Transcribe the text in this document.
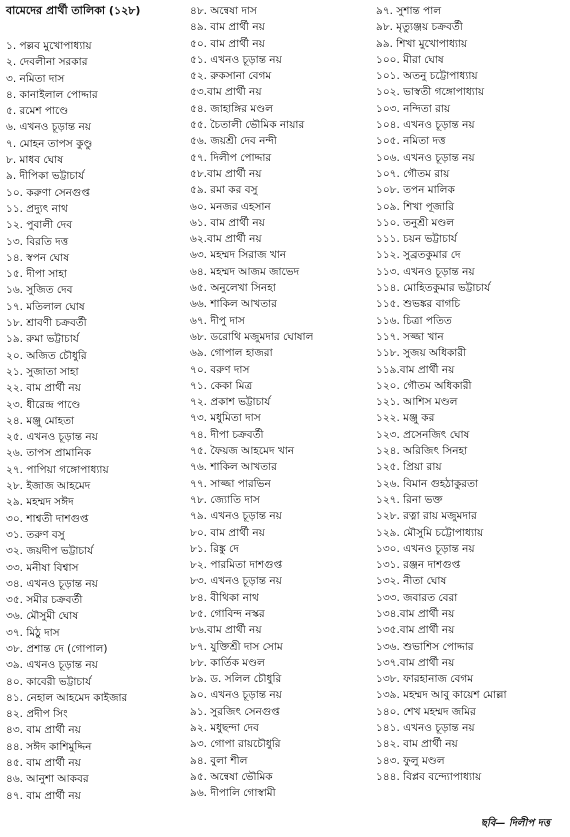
বামেদের প্রার্থী তালিকা (১২৮)
১. পল্লব মুখোপাধ্যায়
২. দেবলীনা সরকার
৩. নমিতা দাস
৪. কানাইলাল পোদ্দার
৫. রমেশ পাণ্ডে
৬. এখনও চূড়ান্ত নয়
৭. মোহন তাপস কুণ্ডু
৮. মাধব ঘোষ
৯. দীপিকা ভট্টাচার্য
১০. করুণা সেনগুপ্ত
১১. প্রদ্যুৎ নাথ
১২. পুবালী দেব
১৩. বিরতি দত্ত
১৪. স্বপন ঘোষ
১৫. দীপা সাহা
১৬. সুজিত দেব
১৭. মতিলাল ঘোষ
১৮. শ্রাবণী চক্রবর্তী
১৯. রুমা ভট্টাচার্য
২০. অজিত চৌধুরি
২১. সুজাতা সাহা
২২. বাম প্রার্থী নয়
২৩. ধীরেন্দ্র পাণ্ডে
২৪. মঞ্জু মোহতা
২৫. এখনও চূড়ান্ত নয়
২৬. তাপস প্রামানিক
২৭. পাপিয়া গঙ্গোপাধ্যায়
২৮. ইজাজ আহমেদ
২৯. মহম্মদ সঈদ
৩০. শাশ্বতী দাশগুপ্ত
৩১. তরুণ বসু
৩২. জয়দীপ ভট্টাচার্য
৩৩. মনীষা বিশ্বাস
৩৪. এখনও চূড়ান্ত নয়
৩৫. সমীর চক্রবর্তী
৩৬. মৌসুমী ঘোষ
৩৭. মিঠু দাস
৩৮. প্রশান্ত দে (গোপাল)
৩৯. এখনও চূড়ান্ত নয়
৪০. কাবেরী ভট্টাচার্য
৪১. নেহাল আহমেদ কাইজার
৪২. প্রদীপ সিং
৪৩. বাম প্রার্থী নয়
৪৪. সঈদ কাশিমুদ্দিন
৪৫. বাম প্রার্থী নয়
৪৬. আনুশা আকবর
৪৭. বাম প্রার্থী নয়
৪৮. অন্বেষা দাস
৪৯. বাম প্রার্থী নয়
৫০. বাম প্রার্থী নয়
৫১. এখনও চূড়ান্ত নয়
৫২. রুকসানা বেগম
৫৩.বাম প্রার্থী নয়
৫৪. জাহাঙ্গির মণ্ডল
৫৫. চৈতালী ভৌমিক নায়ার
৫৬. জয়শ্রী দেব নন্দী
৫৭. দিলীপ পোদ্দার
৫৮.বাম প্রার্থী নয়
৫৯. রমা কর বসু
৬০. মনজর এহসান
৬১. বাম প্রার্থী নয়
৬২.বাম প্রার্থী নয়
৬৩. মহম্মদ সিরাজ খান
৬৪. মহম্মদ আজম জাভেদ
৬৫. অনুলেখা সিনহা
৬৬. শাকিল আখতার
৬৭. দীপু দাস
৬৮. ডরোথি মজুমদার ঘোষাল
৬৯. গোপাল হাজরা
৭০. বরুণ দাস
৭১. কেকা মিত্র
৭২. প্রকাশ ভট্টাচার্য
৭৩. মধুমিতা দাস
৭৪. দীপা চক্রবর্তী
৭৫. ফৈয়জ আহমেদ খান
৭৬. শাকিল আখতার
৭৭. সাজ্জা পারভিন
৭৮. জ্যোতি দাস
৭৯. এখনও চূড়ান্ত নয়
৮০. বাম প্রার্থী নয়
৮১. রিঙ্কু দে
৮২. পারমিতা দাশগুপ্ত
৮৩. এখনও চূড়ান্ত নয়
৮৪. বীথিকা নাথ
৮৫. গোবিন্দ নস্কর
৮৬.বাম প্রার্থী নয়
৮৭. যুক্তিশ্রী দাস সোম
৮৮. কার্তিক মণ্ডল
৮৯. ড. সলিল চৌধুরি
৯০. এখনও চূড়ান্ত নয়
৯১. সুরজিৎ সেনগুপ্ত
৯২. মধুছন্দা দেব
৯৩. গোপা রায়চৌধুরি
৯৪. বুলা শীল
৯৫. অন্বেষা ভৌমিক
৯৬. দীপালি গোস্বামী
৯৭. সুশান্ত পাল
৯৮. মৃত্যুঞ্জয় চক্রবর্তী
৯৯. শিখা মুখোপাধ্যায়
১০০. মীরা ঘোষ
১০১. অতনু চট্টোপাধ্যায়
১০২. ভাস্বতী গঙ্গোপাধ্যায়
১০৩. নন্দিতা রায়
১০৪. এখনও চূড়ান্ত নয়
১০৫. নমিতা দত্ত
১০৬. এখনও চূড়ান্ত নয়
১০৭. গৌতম রায়
১০৮. তপন মালিক
১০৯. শিখা পূজারি
১১০. তনুশ্রী মণ্ডল
১১১. চয়ন ভট্টাচার্য
১১২. সুব্রতকুমার দে
১১৩. এখনও চূড়ান্ত নয়
১১৪. মোহিতকুমার ভট্টাচার্য
১১৫. শুভঙ্কর বাগচি
১১৬. চিত্রা পতিত
১১৭. সজ্জা খান
১১৮. সুজয় অধিকারী
১১৯.বাম প্রার্থী নয়
১২০. গৌতম অধিকারী
১২১. আশিস মণ্ডল
১২২. মঞ্জু কর
১২৩. প্রসেনজিৎ ঘোষ
১২৪. অরিজিৎ সিনহা
১২৫. প্রিয়া রায়
১২৬. বিমান গুহঠাকুরতা
১২৭. রিনা ভক্ত
১২৮. রত্না রায় মজুমদার
১২৯. মৌসুমি চট্টোপাধ্যায়
১৩০. এখনও চূড়ান্ত নয়
১৩১. রঞ্জন দাশগুপ্ত
১৩২. নীতা ঘোষ
১৩৩. জবারত বেরা
১৩৪.বাম প্রার্থী নয়
১৩৫.বাম প্রার্থী নয়
১৩৬. শুভাশিস পোদ্দার
১৩৭.বাম প্রার্থী নয়
১৩৮. ফারহানাজ বেগম
১৩৯. মহম্মদ আবু কায়েশ মোল্লা
১৪০. শেখ মহম্মদ জমির
১৪১. এখনও চূড়ান্ত নয়
১৪২. বাম প্রার্থী নয়
১৪৩. ফুলু মণ্ডল
১৪৪. বিপ্লব বন্দ্যোপাধ্যায়
ছবি— দিলীপ দত্ত
